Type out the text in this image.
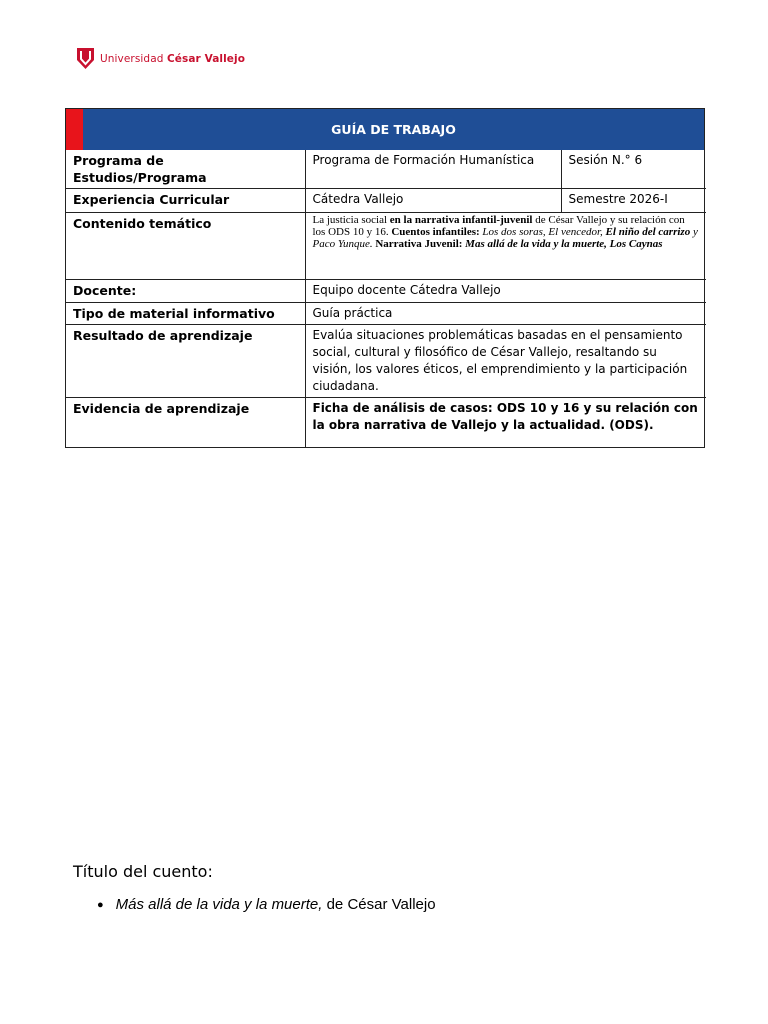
Universidad César Vallejo
GUÍA DE TRABAJO
Programa de Estudios/Programa	Programa de Formación Humanística	Sesión N.° 6
Experiencia Curricular	Cátedra Vallejo	Semestre 2026-I
Contenido temático	La justicia social en la narrativa infantil-juvenil de César Vallejo y su relación con los ODS 10 y 16. Cuentos infantiles: Los dos soras, El vencedor, El niño del carrizo y Paco Yunque. Narrativa Juvenil: Mas allá de la vida y la muerte, Los Caynas	
Docente:	Equipo docente Cátedra Vallejo	
Tipo de material informativo	Guía práctica	
Resultado de aprendizaje	Evalúa situaciones problemáticas basadas en el pensamiento social, cultural y filosófico de César Vallejo, resaltando su visión, los valores éticos, el emprendimiento y la participación ciudadana.	
Evidencia de aprendizaje	Ficha de análisis de casos: ODS 10 y 16 y su relación con la obra narrativa de Vallejo y la actualidad. (ODS).	
Título del cuento:
● Más allá de la vida y la muerte, de César Vallejo
